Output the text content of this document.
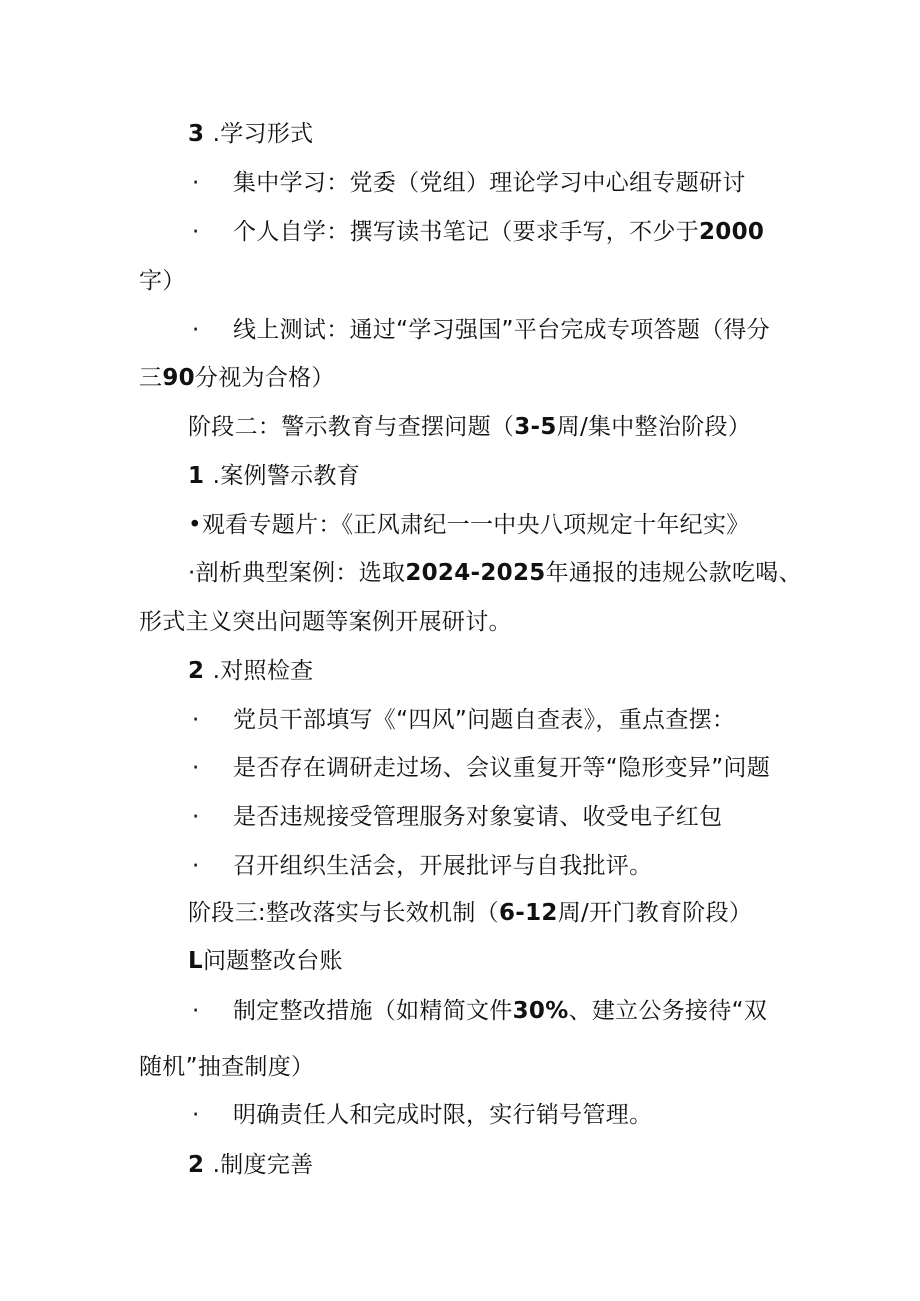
3 .学习形式
· 集中学习：党委（党组）理论学习中心组专题研讨
· 个人自学：撰写读书笔记（要求手写，不少于2000
字）
· 线上测试：通过“学习强国”平台完成专项答题（得分
三90分视为合格）
阶段二：警示教育与查摆问题（3-5周/集中整治阶段）
1 .案例警示教育
•观看专题片：《正风肃纪一一中央八项规定十年纪实》
·剖析典型案例：选取2024-2025年通报的违规公款吃喝、
形式主义突出问题等案例开展研讨。
2 .对照检查
· 党员干部填写《“四风”问题自查表》，重点查摆：
· 是否存在调研走过场、会议重复开等“隐形变异”问题
· 是否违规接受管理服务对象宴请、收受电子红包
· 召开组织生活会，开展批评与自我批评。
阶段三:整改落实与长效机制（6-12周/开门教育阶段）
L问题整改台账
· 制定整改措施（如精简文件30%、建立公务接待“双
随机”抽查制度）
· 明确责任人和完成时限，实行销号管理。
2 .制度完善
